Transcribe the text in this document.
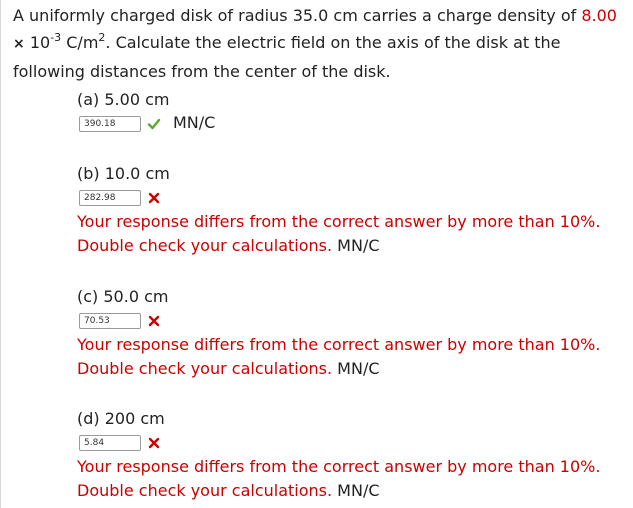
A uniformly charged disk of radius 35.0 cm carries a charge density of 8.00
× $10^{-3}$ $C/m^2$. Calculate the electric field on the axis of the disk at the following distances from the center of the disk.
(a) 5.00 cm
390.18
MN/C
(b) 10.0 cm
282.98
Your response differs from the correct answer by more than 10%.
Double check your calculations. MN/C
(c) 50.0 cm
70.53
Your response differs from the correct answer by more than 10%.
Double check your calculations. MN/C
(d) 200 cm
5.84
Your response differs from the correct answer by more than 10%.
Double check your calculations. MN/C
